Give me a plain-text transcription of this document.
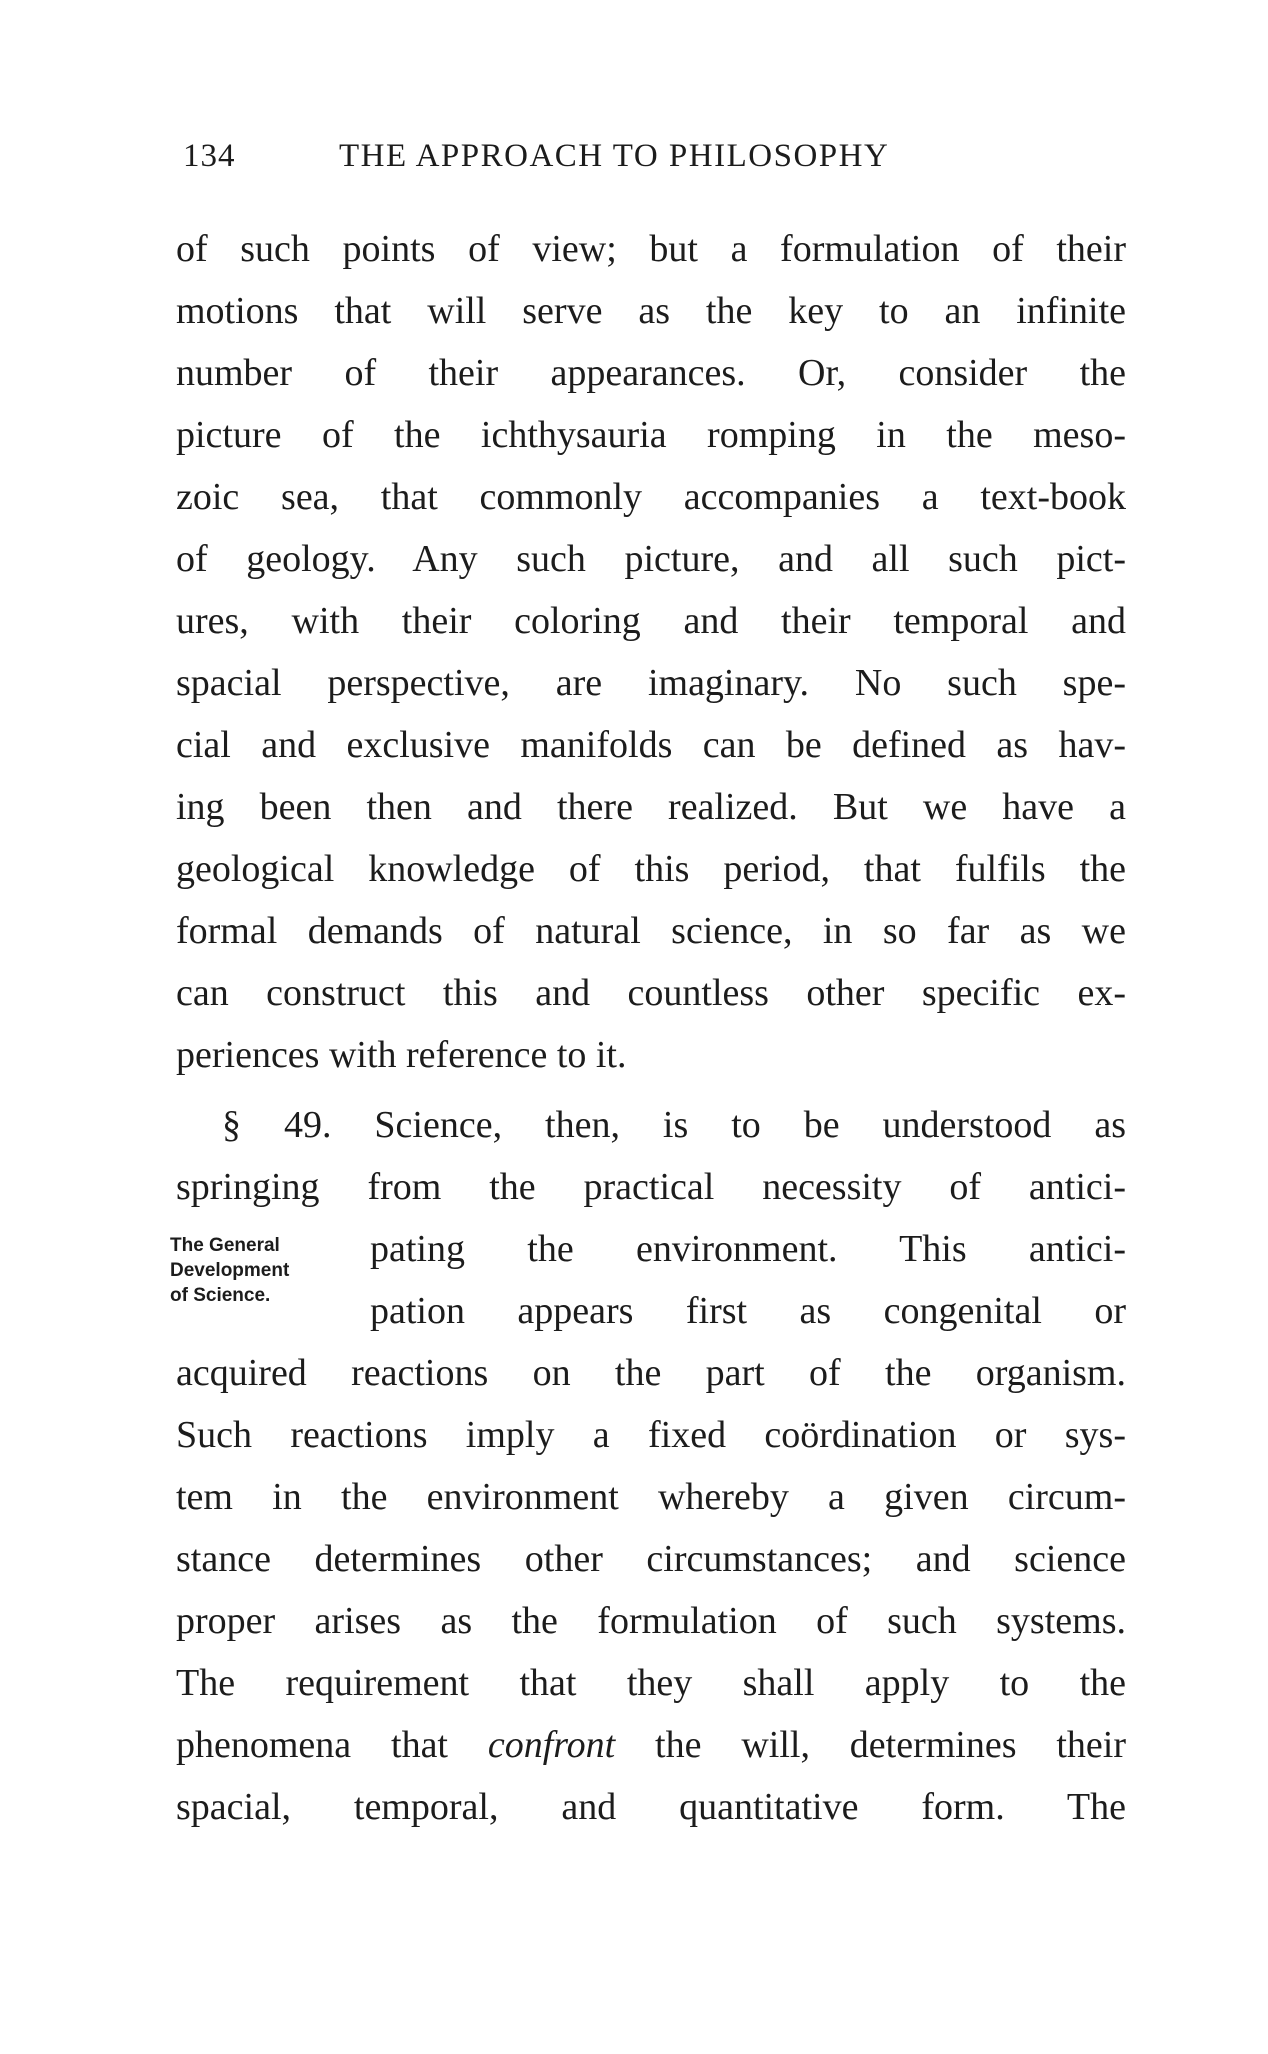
134	THE APPROACH TO PHILOSOPHY
of such points of view; but a formulation of their
motions that will serve as the key to an infinite
number of their appearances. Or, consider the
picture of the ichthysauria romping in the meso-
zoic sea, that commonly accompanies a text-book
of geology. Any such picture, and all such pict-
ures, with their coloring and their temporal and
spacial perspective, are imaginary. No such spe-
cial and exclusive manifolds can be defined as hav-
ing been then and there realized. But we have a
geological knowledge of this period, that fulfils the
formal demands of natural science, in so far as we
can construct this and countless other specific ex-
periences with reference to it.
§ 49. Science, then, is to be understood as
springing from the practical necessity of antici-
pating the environment. This antici-
pation appears first as congenital or
acquired reactions on the part of the organism.
Such reactions imply a fixed coördination or sys-
tem in the environment whereby a given circum-
stance determines other circumstances; and science
proper arises as the formulation of such systems.
The requirement that they shall apply to the
phenomena that confront the will, determines their
spacial, temporal, and quantitative form. The
The General
Development
of Science.
